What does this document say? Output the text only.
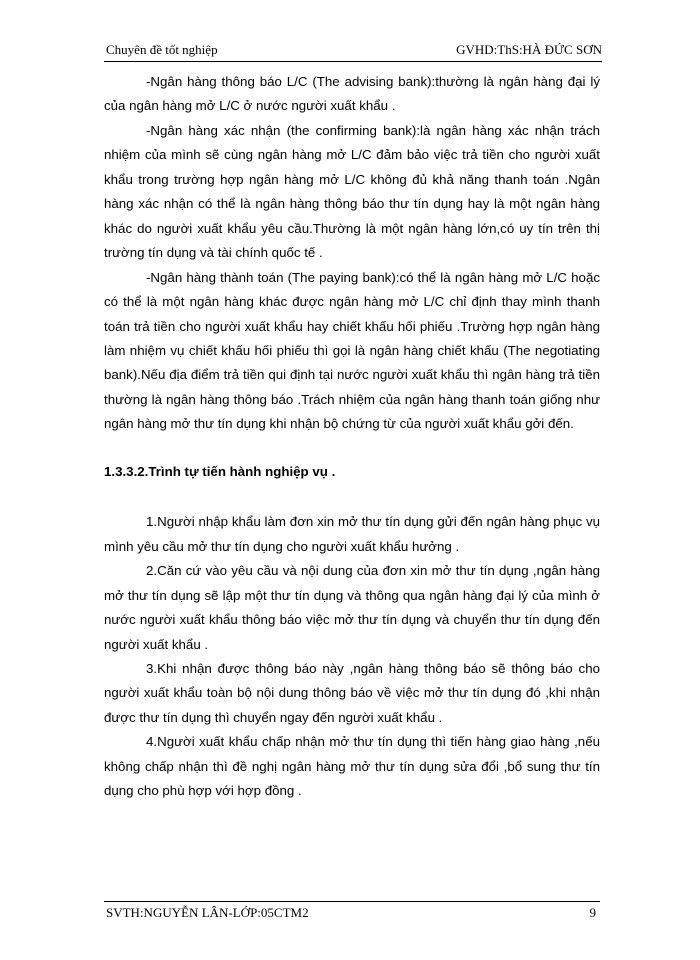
Chuyên đề tốt nghiệp	GVHD:ThS:HÀ ĐỨC SƠN

-Ngân hàng thông báo L/C (The advising bank):thường là ngân hàng đại lý của ngân hàng mở L/C ở nước người xuất khẩu .

-Ngân hàng xác nhận (the confirming bank):là ngân hàng xác nhận trách nhiệm của mình sẽ cùng ngân hàng mở L/C đảm bảo việc trả tiền cho người xuất khẩu trong trường hợp ngân hàng mở L/C không đủ khả năng thanh toán .Ngân hàng xác nhận có thể là ngân hàng thông báo thư tín dụng hay là một ngân hàng khác do người xuất khẩu yêu cầu.Thường là một ngân hàng lớn,có uy tín trên thị trường tín dụng và tài chính quốc tế .

-Ngân hàng thành toán (The paying bank):có thể là ngân hàng mở L/C hoặc có thể là một ngân hàng khác được ngân hàng mở L/C chỉ định thay mình thanh toán trả tiền cho người xuất khẩu hay chiết khấu hối phiếu .Trường hợp ngân hàng làm nhiệm vụ chiết khấu hối phiếu thì gọi là ngân hàng chiết khấu (The negotiating bank).Nếu địa điểm trả tiền qui định tại nước người xuất khẩu thì ngân hàng trả tiền thường là ngân hàng thông báo .Trách nhiệm của ngân hàng thanh toán giống như ngân hàng mở thư tín dụng khi nhận bộ chứng từ của người xuất khẩu gởi đến.

1.3.3.2.Trình tự tiến hành nghiệp vụ .

1.Người nhập khẩu làm đơn xin mở thư tín dụng gửi đến ngân hàng phục vụ mình yêu cầu mở thư tín dụng cho người xuất khẩu hưởng .

2.Căn cứ vào yêu cầu và nội dung của đơn xin mở thư tín dụng ,ngân hàng mở thư tín dụng sẽ lập một thư tín dụng và thông qua ngân hàng đại lý của mình ở nước người xuất khẩu thông báo việc mở thư tín dụng và chuyển thư tín dụng đến người xuất khẩu .

3.Khi nhận được thông báo này ,ngân hàng thông báo sẽ thông báo cho người xuất khẩu toàn bộ nội dung thông báo về việc mở thư tín dụng đó ,khi nhận được thư tín dụng thì chuyển ngay đến người xuất khẩu .

4.Người xuất khẩu chấp nhận mở thư tín dụng thì tiến hàng giao hàng ,nếu không chấp nhận thì đề nghị ngân hàng mở thư tín dụng sửa đổi ,bổ sung thư tín dụng cho phù hợp với hợp đồng .

SVTH:NGUYỄN LÂN-LỚP:05CTM2	9
